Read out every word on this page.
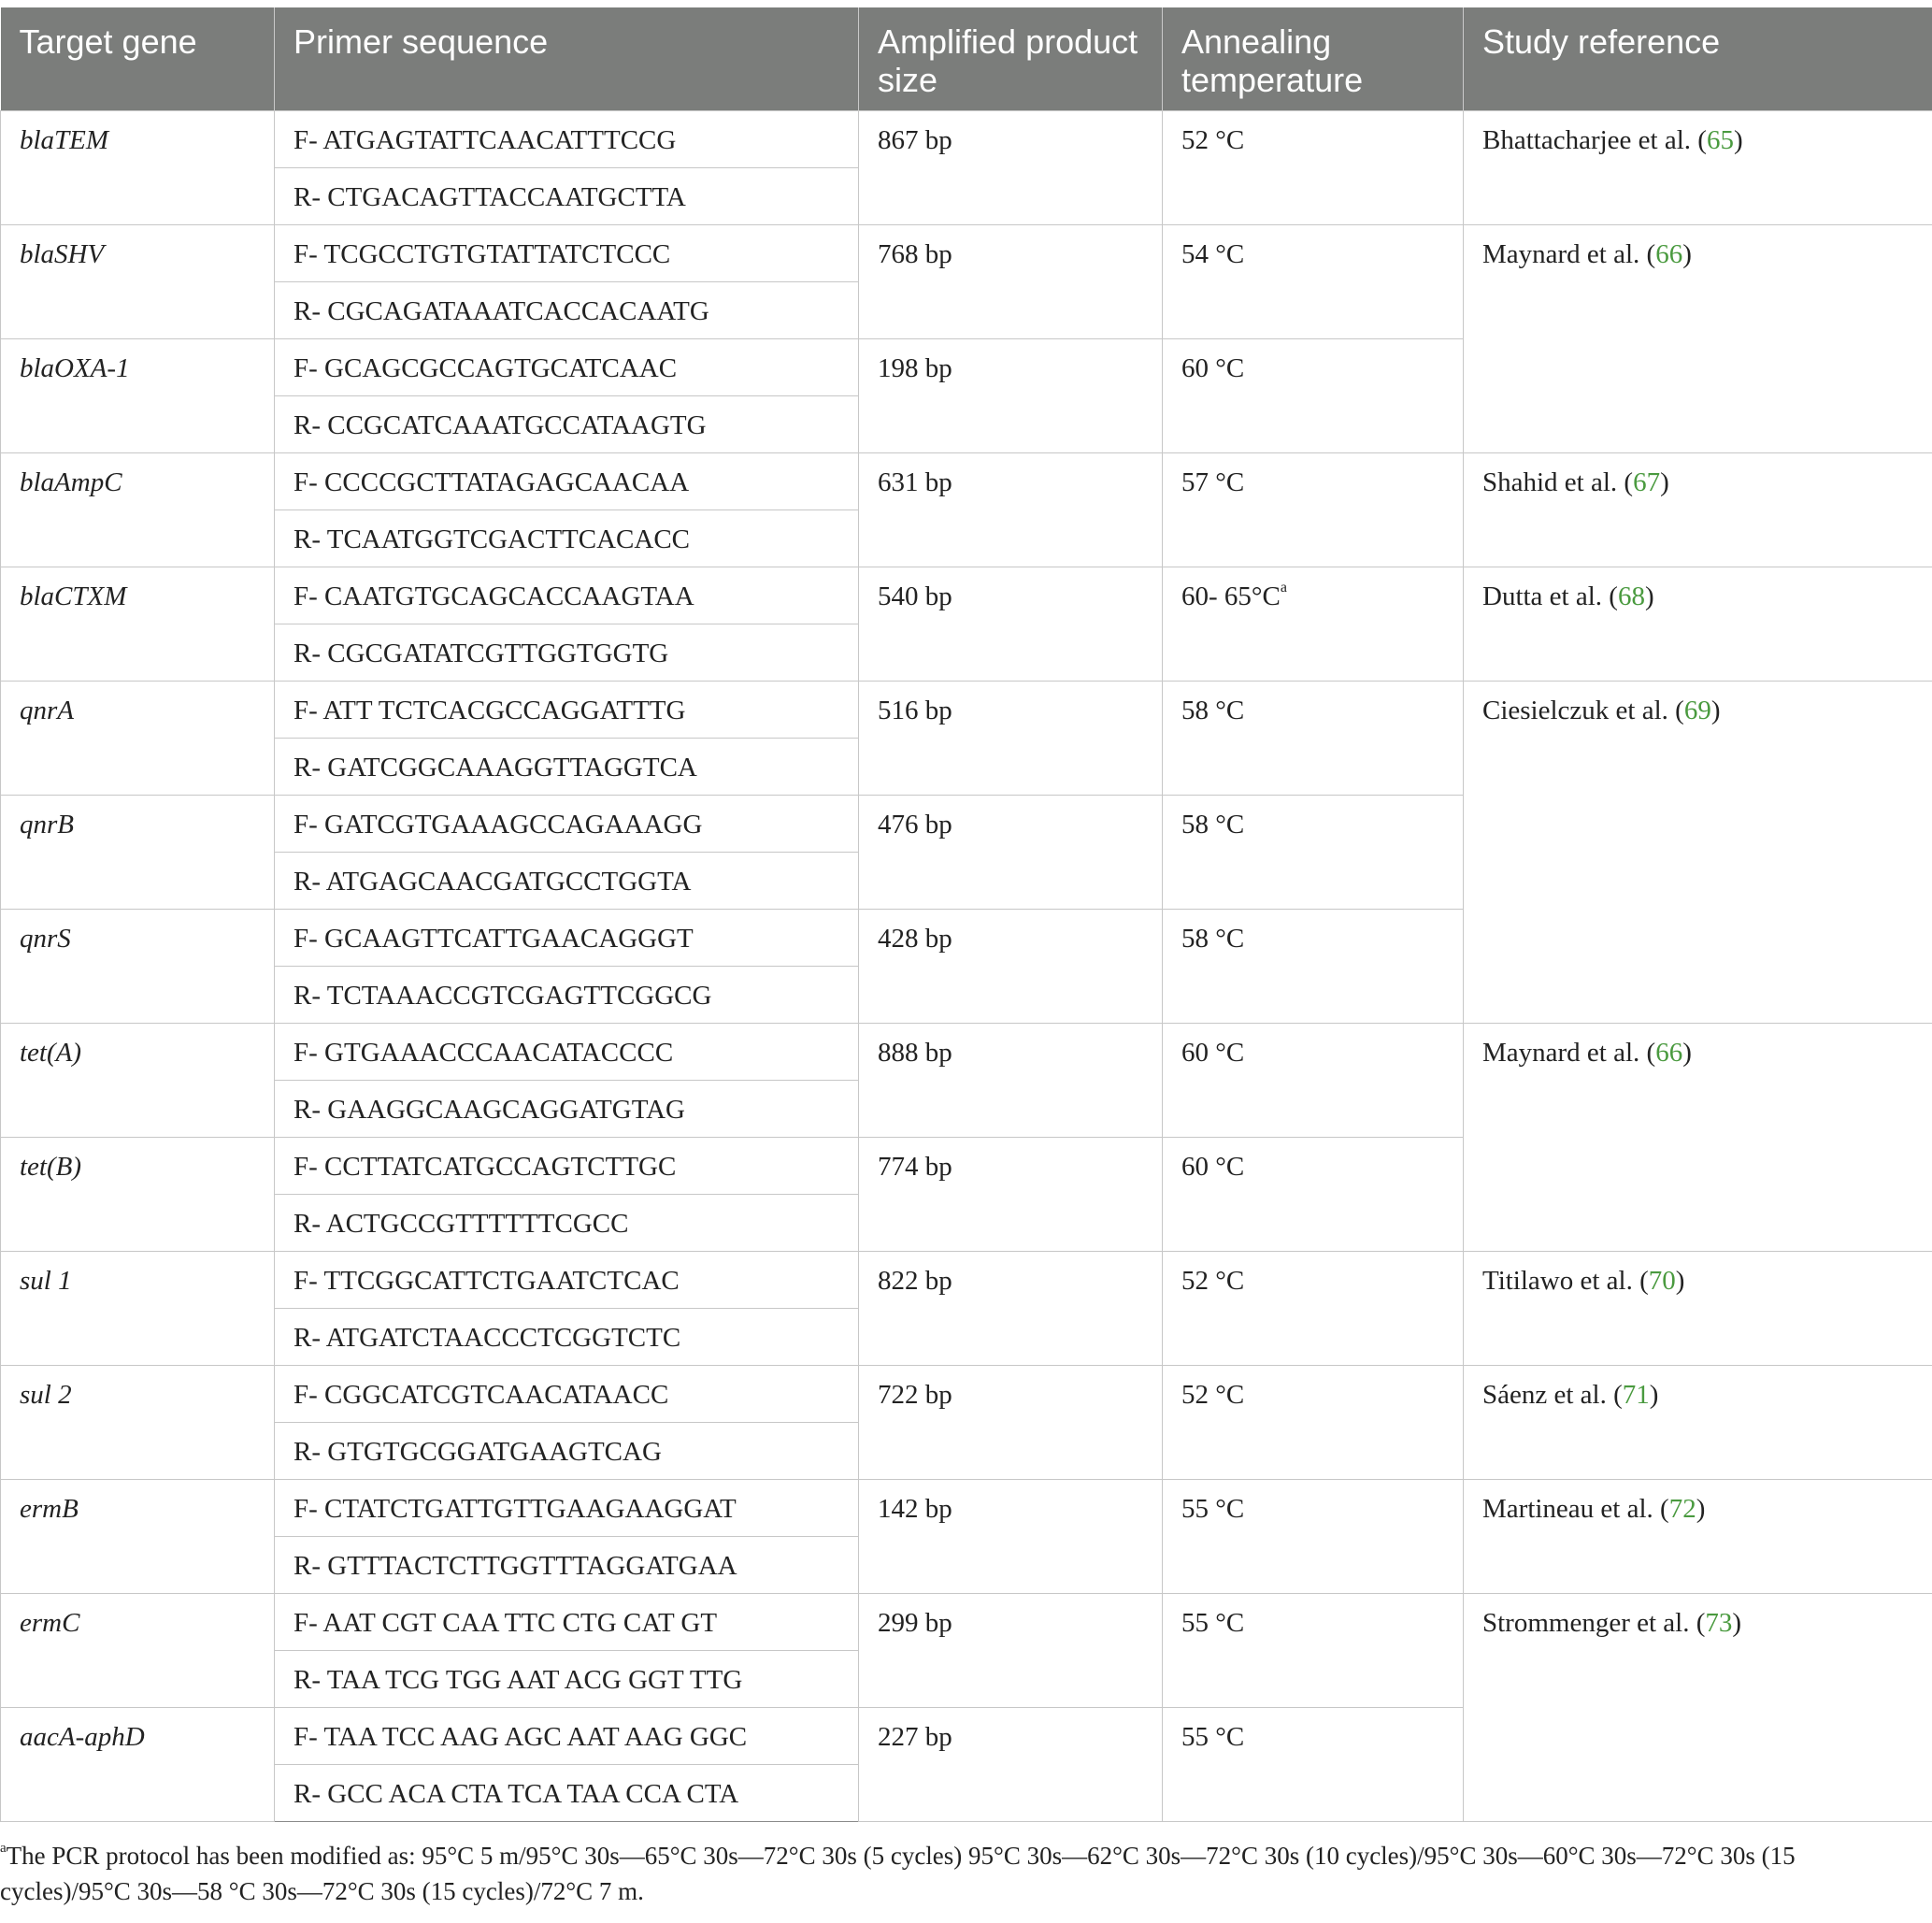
Target gene	Primer sequence	Amplified product size	Annealing temperature	Study reference
blaTEM	F- ATGAGTATTCAACATTTCCG	867 bp	52 °C	Bhattacharjee et al. (65)
	R- CTGACAGTTACCAATGCTTA			
blaSHV	F- TCGCCTGTGTATTATCTCCC	768 bp	54 °C	Maynard et al. (66)
	R- CGCAGATAAATCACCACAATG			
blaOXA-1	F- GCAGCGCCAGTGCATCAAC	198 bp	60 °C	
	R- CCGCATCAAATGCCATAAGTG			
blaAmpC	F- CCCCGCTTATAGAGCAACAA	631 bp	57 °C	Shahid et al. (67)
	R- TCAATGGTCGACTTCACACC			
blaCTXM	F- CAATGTGCAGCACCAAGTAA	540 bp	60- $65^\circ C^a$	Dutta et al. (68)
	R- CGCGATATCGTTGGTGGTG			
qnrA	F- ATT TCTCACGCCAGGATTTG	516 bp	58 °C	Ciesielczuk et al. (69)
	R- GATCGGCAAAGGTTAGGTCA			
qnrB	F- GATCGTGAAAGCCAGAAAGG	476 bp	58 °C	
	R- ATGAGCAACGATGCCTGGTA			
qnrS	F- GCAAGTTCATTGAACAGGGT	428 bp	58 °C	
	R- TCTAAACCGTCGAGTTCGGCG			
tet(A)	F- GTGAAACCCAACATACCCC	888 bp	60 °C	Maynard et al. (66)
	R- GAAGGCAAGCAGGATGTAG			
tet(B)	F- CCTTATCATGCCAGTCTTGC	774 bp	60 °C	
	R- ACTGCCGTTTTTTCGCC			
sul 1	F- TTCGGCATTCTGAATCTCAC	822 bp	52 °C	Titilawo et al. (70)
	R- ATGATCTAACCCTCGGTCTC			
sul 2	F- CGGCATCGTCAACATAACC	722 bp	52 °C	Sáenz et al. (71)
	R- GTGTGCGGATGAAGTCAG			
ermB	F- CTATCTGATTGTTGAAGAAGGAT	142 bp	55 °C	Martineau et al. (72)
	R- GTTTACTCTTGGTTTAGGATGAA			
ermC	F- AAT CGT CAA TTC CTG CAT GT	299 bp	55 °C	Strommenger et al. (73)
	R- TAA TCG TGG AAT ACG GGT TTG			
aacA-aphD	F- TAA TCC AAG AGC AAT AAG GGC	227 bp	55 °C	
	R- GCC ACA CTA TCA TAA CCA CTA			
$^a$The PCR protocol has been modified as: 95°C 5 m/95°C 30s—65°C 30s—72°C 30s (5 cycles) 95°C 30s—62°C 30s—72°C 30s (10 cycles)/95°C 30s—60°C 30s—72°C 30s (15 cycles)/95°C 30s—58 °C 30s—72°C 30s (15 cycles)/72°C 7 m.
